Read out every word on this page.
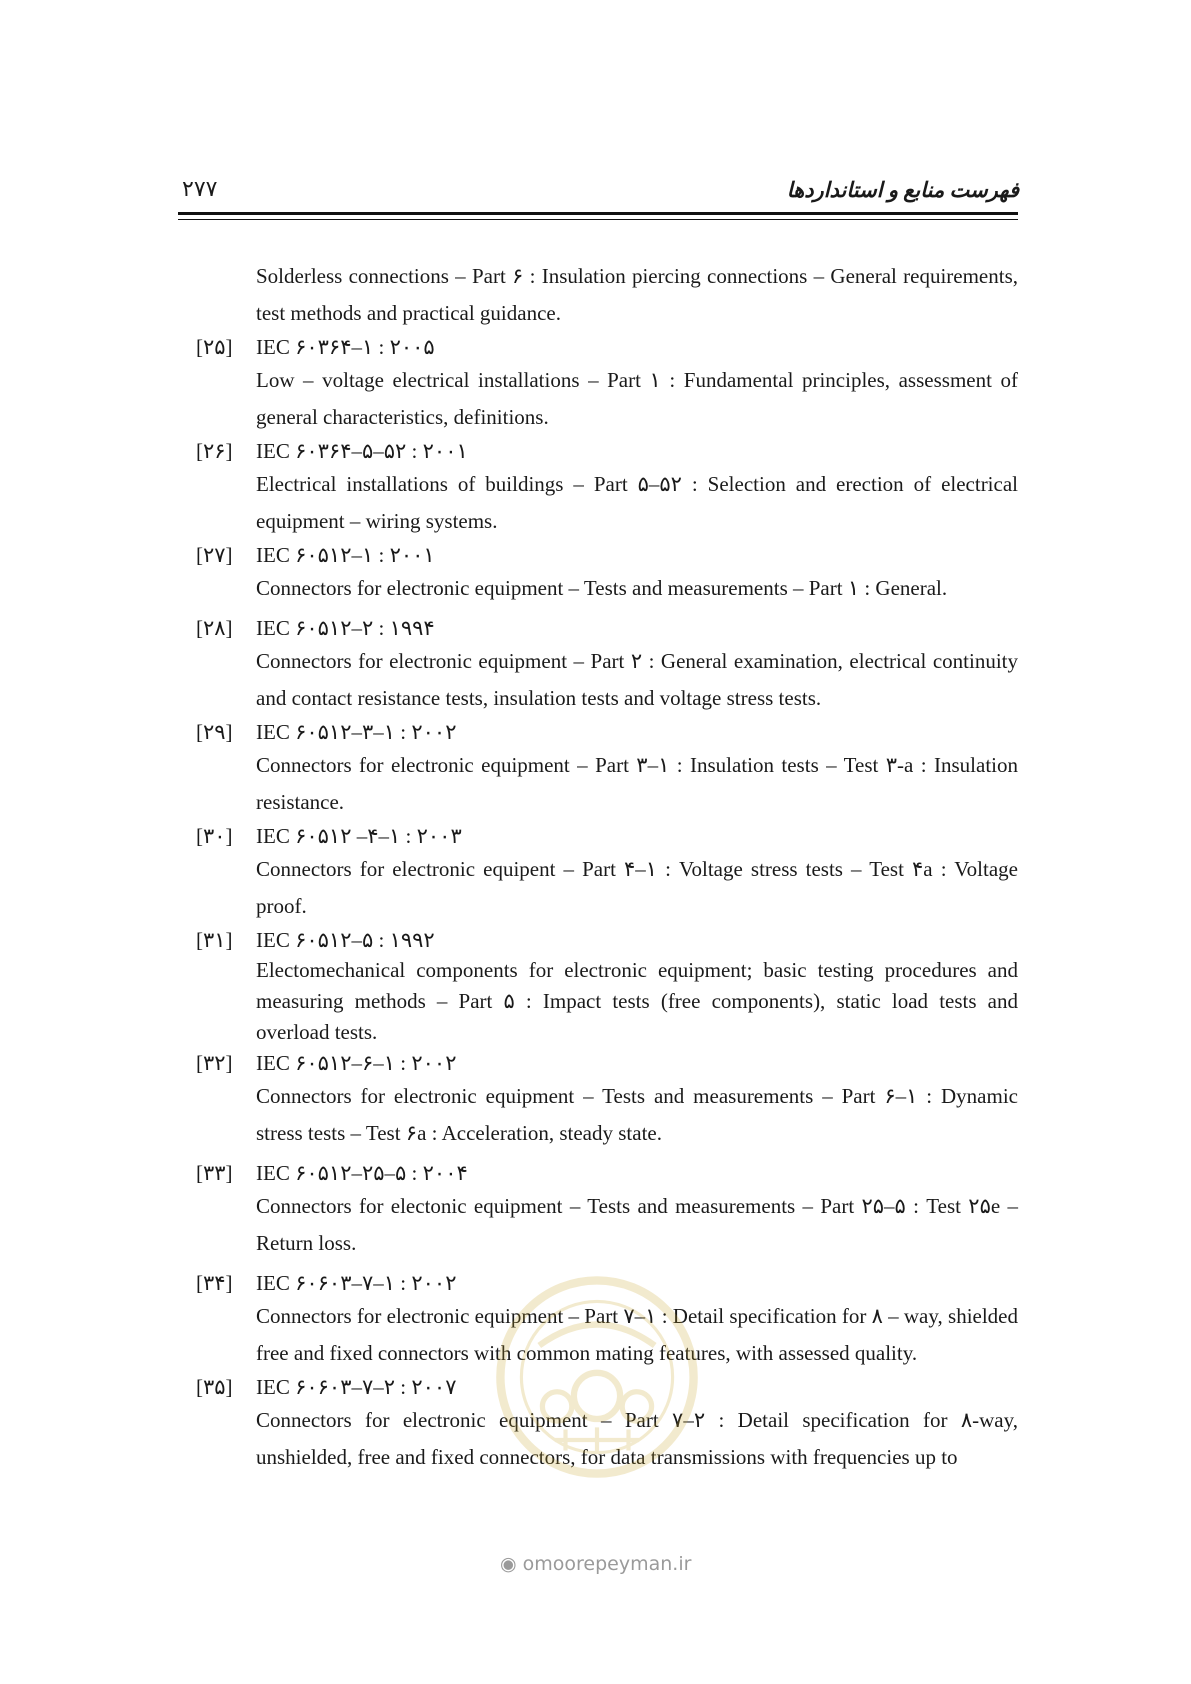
۲۷۷	فهرست منابع و استانداردها
Solderless connections – Part ۶ : Insulation piercing connections – General requirements, test methods and practical guidance.
[۲۵]	IEC ۶۰۳۶۴–۱ : ۲۰۰۵
Low – voltage electrical installations – Part ۱ : Fundamental principles, assessment of general characteristics, definitions.
[۲۶]	IEC ۶۰۳۶۴–۵–۵۲ : ۲۰۰۱
Electrical installations of buildings – Part ۵–۵۲ : Selection and erection of electrical equipment – wiring systems.
[۲۷]	IEC ۶۰۵۱۲–۱ : ۲۰۰۱
Connectors for electronic equipment – Tests and measurements – Part ۱ : General.
[۲۸]	IEC ۶۰۵۱۲–۲ : ۱۹۹۴
Connectors for electronic equipment – Part ۲ : General examination, electrical continuity and contact resistance tests, insulation tests and voltage stress tests.
[۲۹]	IEC ۶۰۵۱۲–۳–۱ : ۲۰۰۲
Connectors for electronic equipment – Part ۳–۱ : Insulation tests – Test ۳-a : Insulation resistance.
[۳۰]	IEC ۶۰۵۱۲ –۴–۱ : ۲۰۰۳
Connectors for electronic equipent – Part ۴–۱ : Voltage stress tests – Test ۴a : Voltage proof.
[۳۱]	IEC ۶۰۵۱۲–۵ : ۱۹۹۲
Electomechanical components for electronic equipment; basic testing procedures and measuring methods – Part ۵ : Impact tests (free components), static load tests and overload tests.
[۳۲]	IEC ۶۰۵۱۲–۶–۱ : ۲۰۰۲
Connectors for electronic equipment – Tests and measurements – Part ۶–۱ : Dynamic stress tests – Test ۶a : Acceleration, steady state.
[۳۳]	IEC ۶۰۵۱۲–۲۵–۵ : ۲۰۰۴
Connectors for electonic equipment – Tests and measurements – Part ۲۵–۵ : Test ۲۵e – Return loss.
[۳۴]	IEC ۶۰۶۰۳–۷–۱ : ۲۰۰۲
Connectors for electronic equipment – Part ۷–۱ : Detail specification for ۸ – way, shielded free and fixed connectors with common mating features, with assessed quality.
[۳۵]	IEC ۶۰۶۰۳–۷–۲ : ۲۰۰۷
Connectors for electronic equipment – Part ۷–۲ : Detail specification for ۸-way, unshielded, free and fixed connectors, for data transmissions with frequencies up to
◉ omoorepeyman.ir
